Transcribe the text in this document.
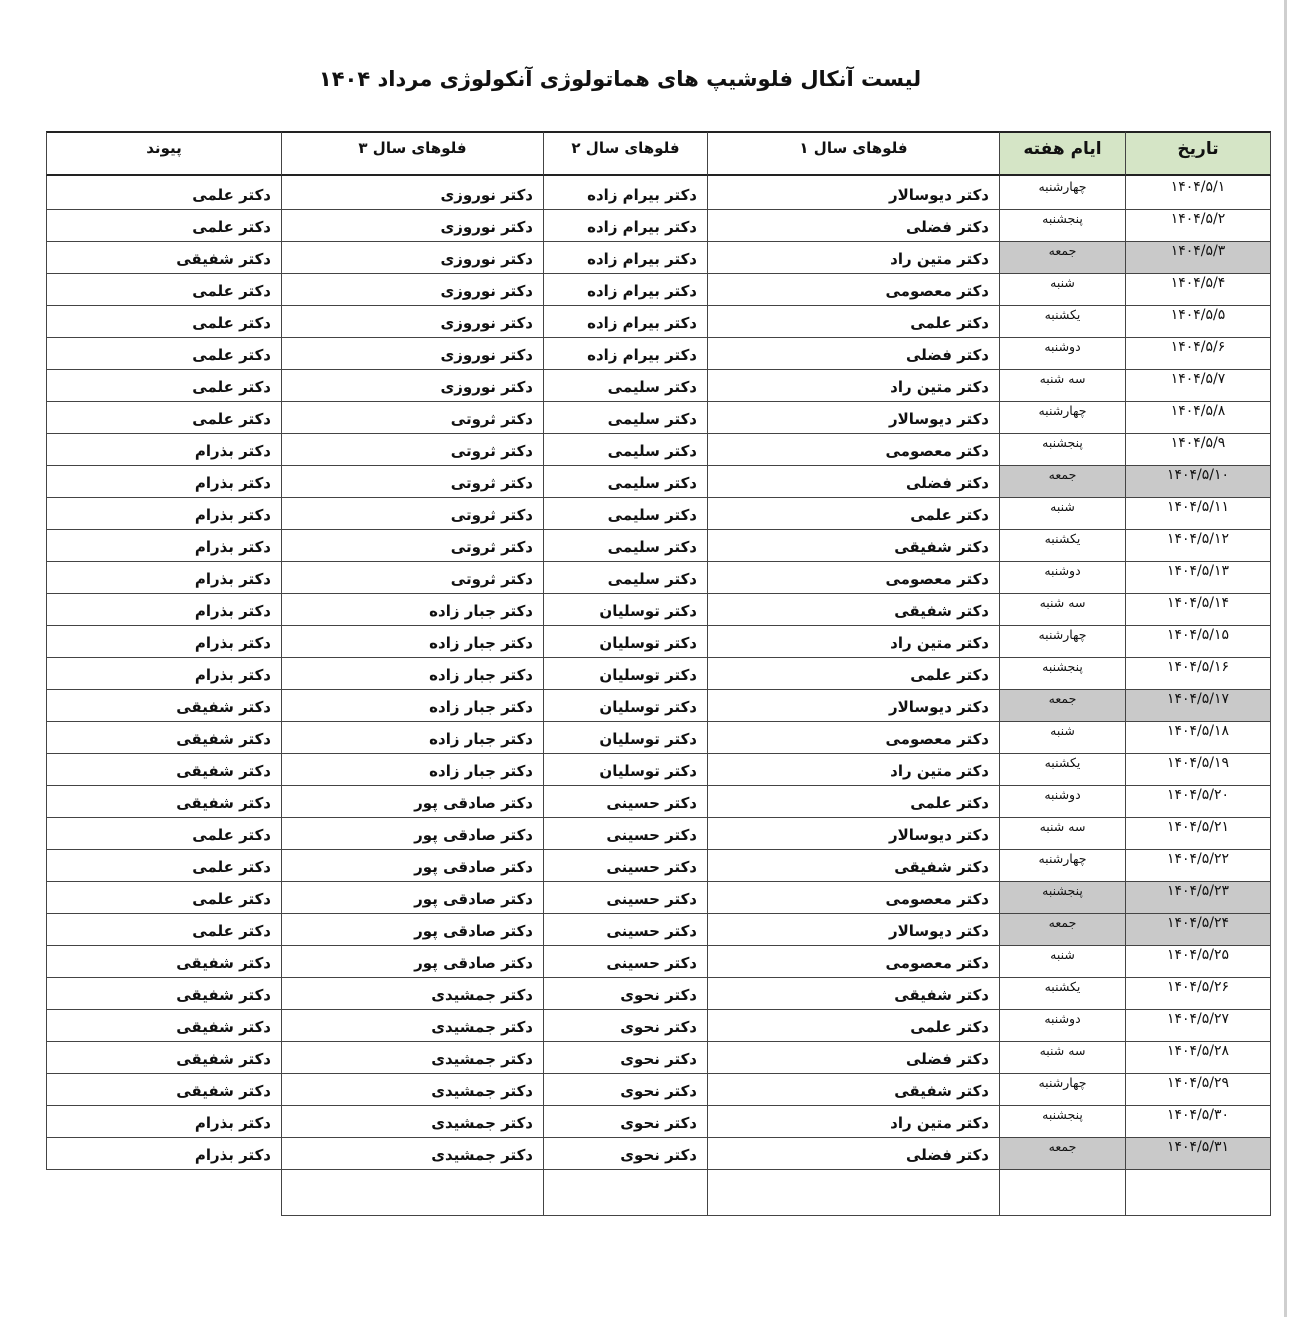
لیست آنکال فلوشیپ های هماتولوژی آنکولوژی مرداد ۱۴۰۴
تاریخ
ایام هفته
فلوهای سال ۱
فلوهای سال ۲
فلوهای سال ۳
پیوند
۱۴۰۴/۵/۱
چهارشنبه
دکتر دیوسالار
دکتر بیرام زاده
دکتر نوروزی
دکتر علمی
۱۴۰۴/۵/۲
پنجشنبه
دکتر فضلی
دکتر بیرام زاده
دکتر نوروزی
دکتر علمی
۱۴۰۴/۵/۳
جمعه
دکتر متین راد
دکتر بیرام زاده
دکتر نوروزی
دکتر شفیقی
۱۴۰۴/۵/۴
شنبه
دکتر معصومی
دکتر بیرام زاده
دکتر نوروزی
دکتر علمی
۱۴۰۴/۵/۵
یکشنبه
دکتر علمی
دکتر بیرام زاده
دکتر نوروزی
دکتر علمی
۱۴۰۴/۵/۶
دوشنبه
دکتر فضلی
دکتر بیرام زاده
دکتر نوروزی
دکتر علمی
۱۴۰۴/۵/۷
سه شنبه
دکتر متین راد
دکتر سلیمی
دکتر نوروزی
دکتر علمی
۱۴۰۴/۵/۸
چهارشنبه
دکتر دیوسالار
دکتر سلیمی
دکتر ثروتی
دکتر علمی
۱۴۰۴/۵/۹
پنجشنبه
دکتر معصومی
دکتر سلیمی
دکتر ثروتی
دکتر بذرام
۱۴۰۴/۵/۱۰
جمعه
دکتر فضلی
دکتر سلیمی
دکتر ثروتی
دکتر بذرام
۱۴۰۴/۵/۱۱
شنبه
دکتر علمی
دکتر سلیمی
دکتر ثروتی
دکتر بذرام
۱۴۰۴/۵/۱۲
یکشنبه
دکتر شفیقی
دکتر سلیمی
دکتر ثروتی
دکتر بذرام
۱۴۰۴/۵/۱۳
دوشنبه
دکتر معصومی
دکتر سلیمی
دکتر ثروتی
دکتر بذرام
۱۴۰۴/۵/۱۴
سه شنبه
دکتر شفیقی
دکتر توسلیان
دکتر جبار زاده
دکتر بذرام
۱۴۰۴/۵/۱۵
چهارشنبه
دکتر متین راد
دکتر توسلیان
دکتر جبار زاده
دکتر بذرام
۱۴۰۴/۵/۱۶
پنجشنبه
دکتر علمی
دکتر توسلیان
دکتر جبار زاده
دکتر بذرام
۱۴۰۴/۵/۱۷
جمعه
دکتر دیوسالار
دکتر توسلیان
دکتر جبار زاده
دکتر شفیقی
۱۴۰۴/۵/۱۸
شنبه
دکتر معصومی
دکتر توسلیان
دکتر جبار زاده
دکتر شفیقی
۱۴۰۴/۵/۱۹
یکشنبه
دکتر متین راد
دکتر توسلیان
دکتر جبار زاده
دکتر شفیقی
۱۴۰۴/۵/۲۰
دوشنبه
دکتر علمی
دکتر حسینی
دکتر صادقی پور
دکتر شفیقی
۱۴۰۴/۵/۲۱
سه شنبه
دکتر دیوسالار
دکتر حسینی
دکتر صادقی پور
دکتر علمی
۱۴۰۴/۵/۲۲
چهارشنبه
دکتر شفیقی
دکتر حسینی
دکتر صادقی پور
دکتر علمی
۱۴۰۴/۵/۲۳
پنجشنبه
دکتر معصومی
دکتر حسینی
دکتر صادقی پور
دکتر علمی
۱۴۰۴/۵/۲۴
جمعه
دکتر دیوسالار
دکتر حسینی
دکتر صادقی پور
دکتر علمی
۱۴۰۴/۵/۲۵
شنبه
دکتر معصومی
دکتر حسینی
دکتر صادقی پور
دکتر شفیقی
۱۴۰۴/۵/۲۶
یکشنبه
دکتر شفیقی
دکتر نحوی
دکتر جمشیدی
دکتر شفیقی
۱۴۰۴/۵/۲۷
دوشنبه
دکتر علمی
دکتر نحوی
دکتر جمشیدی
دکتر شفیقی
۱۴۰۴/۵/۲۸
سه شنبه
دکتر فضلی
دکتر نحوی
دکتر جمشیدی
دکتر شفیقی
۱۴۰۴/۵/۲۹
چهارشنبه
دکتر شفیقی
دکتر نحوی
دکتر جمشیدی
دکتر شفیقی
۱۴۰۴/۵/۳۰
پنجشنبه
دکتر متین راد
دکتر نحوی
دکتر جمشیدی
دکتر بذرام
۱۴۰۴/۵/۳۱
جمعه
دکتر فضلی
دکتر نحوی
دکتر جمشیدی
دکتر بذرام
